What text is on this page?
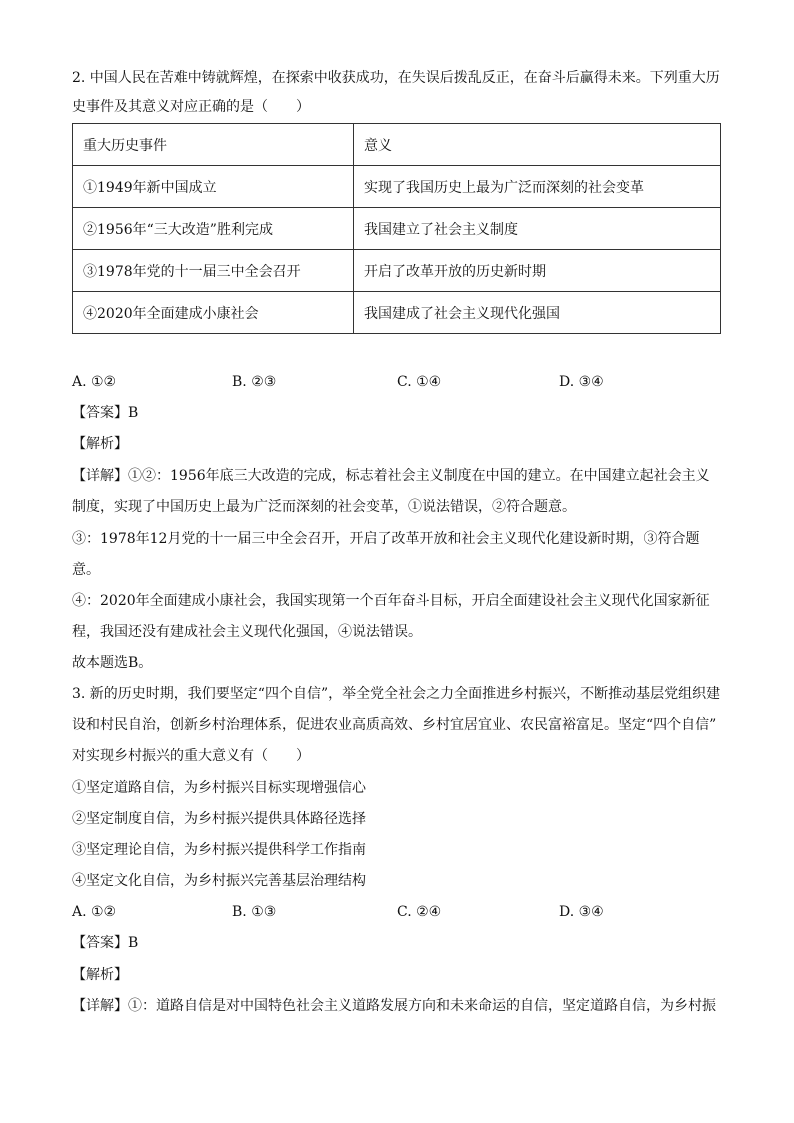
2. 中国人民在苦难中铸就辉煌，在探索中收获成功，在失误后拨乱反正，在奋斗后赢得未来。下列重大历
史事件及其意义对应正确的是（　　）
重大历史事件	意义
①1949年新中国成立	实现了我国历史上最为广泛而深刻的社会变革
②1956年“三大改造”胜利完成	我国建立了社会主义制度
③1978年党的十一届三中全会召开	开启了改革开放的历史新时期
④2020年全面建成小康社会	我国建成了社会主义现代化强国
A. ①②	B. ②③	C. ①④	D. ③④
【答案】B
【解析】
【详解】①②：1956年底三大改造的完成，标志着社会主义制度在中国的建立。在中国建立起社会主义
制度，实现了中国历史上最为广泛而深刻的社会变革，①说法错误，②符合题意。
③：1978年12月党的十一届三中全会召开，开启了改革开放和社会主义现代化建设新时期，③符合题
意。
④：2020年全面建成小康社会，我国实现第一个百年奋斗目标，开启全面建设社会主义现代化国家新征
程，我国还没有建成社会主义现代化强国，④说法错误。
故本题选B。
3. 新的历史时期，我们要坚定“四个自信”，举全党全社会之力全面推进乡村振兴，不断推动基层党组织建
设和村民自治，创新乡村治理体系，促进农业高质高效、乡村宜居宜业、农民富裕富足。坚定“四个自信”
对实现乡村振兴的重大意义有（　　）
①坚定道路自信，为乡村振兴目标实现增强信心
②坚定制度自信，为乡村振兴提供具体路径选择
③坚定理论自信，为乡村振兴提供科学工作指南
④坚定文化自信，为乡村振兴完善基层治理结构
A. ①②	B. ①③	C. ②④	D. ③④
【答案】B
【解析】
【详解】①：道路自信是对中国特色社会主义道路发展方向和未来命运的自信，坚定道路自信，为乡村振
